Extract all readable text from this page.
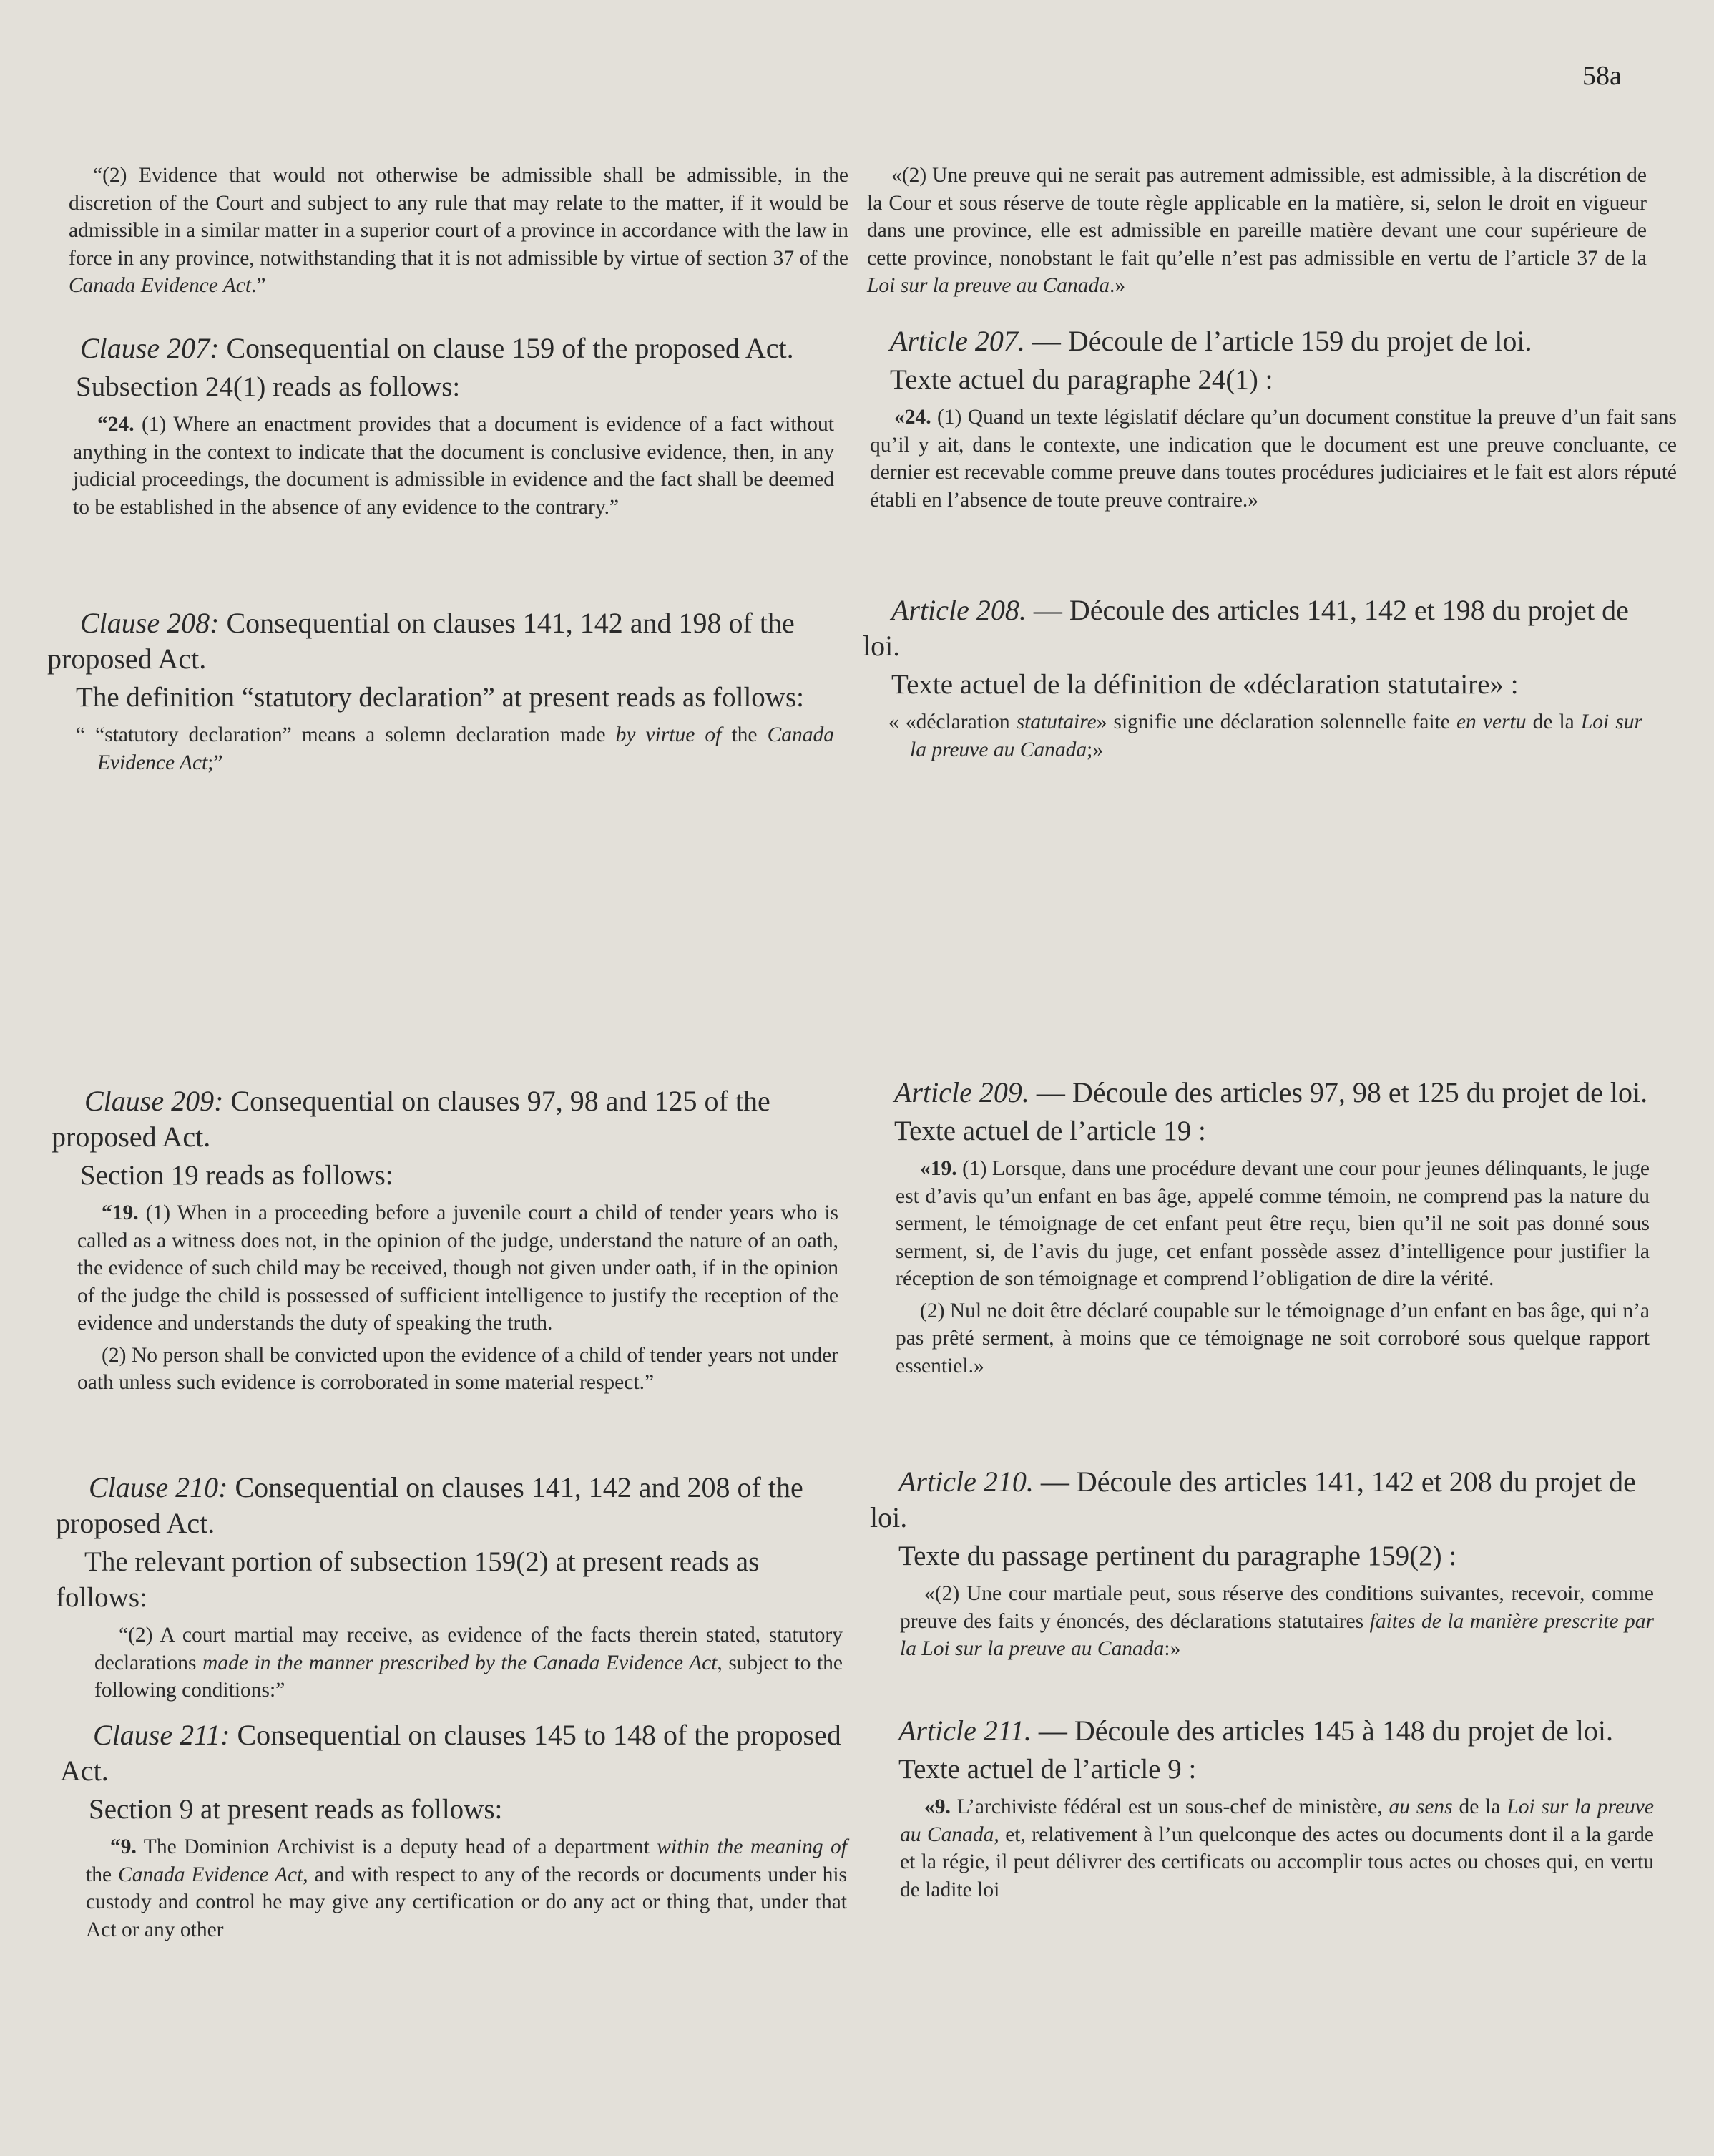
58a

“(2) Evidence that would not otherwise be admissible shall be admissible, in the discretion of the Court and subject to any rule that may relate to the matter, if it would be admissible in a similar matter in a superior court of a province in accordance with the law in force in any province, notwithstanding that it is not admissible by virtue of section 37 of the Canada Evidence Act.”

Clause 207: Consequential on clause 159 of the proposed Act.

Subsection 24(1) reads as follows:

“24. (1) Where an enactment provides that a document is evidence of a fact without anything in the context to indicate that the document is conclusive evidence, then, in any judicial proceedings, the document is admissible in evidence and the fact shall be deemed to be established in the absence of any evidence to the contrary.”

Clause 208: Consequential on clauses 141, 142 and 198 of the proposed Act.

The definition “statutory declaration” at present reads as follows:

“ “statutory declaration” means a solemn declaration made by virtue of the Canada Evidence Act;”

Clause 209: Consequential on clauses 97, 98 and 125 of the proposed Act.

Section 19 reads as follows:

“19. (1) When in a proceeding before a juvenile court a child of tender years who is called as a witness does not, in the opinion of the judge, understand the nature of an oath, the evidence of such child may be received, though not given under oath, if in the opinion of the judge the child is possessed of sufficient intelligence to justify the reception of the evidence and understands the duty of speaking the truth.

(2) No person shall be convicted upon the evidence of a child of tender years not under oath unless such evidence is corroborated in some material respect.”

Clause 210: Consequential on clauses 141, 142 and 208 of the proposed Act.

The relevant portion of subsection 159(2) at present reads as follows:

“(2) A court martial may receive, as evidence of the facts therein stated, statutory declarations made in the manner prescribed by the Canada Evidence Act, subject to the following conditions:”

Clause 211: Consequential on clauses 145 to 148 of the proposed Act.

Section 9 at present reads as follows:

“9. The Dominion Archivist is a deputy head of a department within the meaning of the Canada Evidence Act, and with respect to any of the records or documents under his custody and control he may give any certification or do any act or thing that, under that Act or any other

«(2) Une preuve qui ne serait pas autrement admissible, est admissible, à la discrétion de la Cour et sous réserve de toute règle applicable en la matière, si, selon le droit en vigueur dans une province, elle est admissible en pareille matière devant une cour supérieure de cette province, nonobstant le fait qu’elle n’est pas admissible en vertu de l’article 37 de la Loi sur la preuve au Canada.»

Article 207. — Découle de l’article 159 du projet de loi.

Texte actuel du paragraphe 24(1) :

«24. (1) Quand un texte législatif déclare qu’un document constitue la preuve d’un fait sans qu’il y ait, dans le contexte, une indication que le document est une preuve concluante, ce dernier est recevable comme preuve dans toutes procédures judiciaires et le fait est alors réputé établi en l’absence de toute preuve contraire.»

Article 208. — Découle des articles 141, 142 et 198 du projet de loi.

Texte actuel de la définition de «déclaration statutaire» :

« «déclaration statutaire» signifie une déclaration solennelle faite en vertu de la Loi sur la preuve au Canada;»

Article 209. — Découle des articles 97, 98 et 125 du projet de loi.

Texte actuel de l’article 19 :

«19. (1) Lorsque, dans une procédure devant une cour pour jeunes délinquants, le juge est d’avis qu’un enfant en bas âge, appelé comme témoin, ne comprend pas la nature du serment, le témoignage de cet enfant peut être reçu, bien qu’il ne soit pas donné sous serment, si, de l’avis du juge, cet enfant possède assez d’intelligence pour justifier la réception de son témoignage et comprend l’obligation de dire la vérité.

(2) Nul ne doit être déclaré coupable sur le témoignage d’un enfant en bas âge, qui n’a pas prêté serment, à moins que ce témoignage ne soit corroboré sous quelque rapport essentiel.»

Article 210. — Découle des articles 141, 142 et 208 du projet de loi.

Texte du passage pertinent du paragraphe 159(2) :

«(2) Une cour martiale peut, sous réserve des conditions suivantes, recevoir, comme preuve des faits y énoncés, des déclarations statutaires faites de la manière prescrite par la Loi sur la preuve au Canada:»

Article 211. — Découle des articles 145 à 148 du projet de loi.

Texte actuel de l’article 9 :

«9. L’archiviste fédéral est un sous-chef de ministère, au sens de la Loi sur la preuve au Canada, et, relativement à l’un quelconque des actes ou documents dont il a la garde et la régie, il peut délivrer des certificats ou accomplir tous actes ou choses qui, en vertu de ladite loi
